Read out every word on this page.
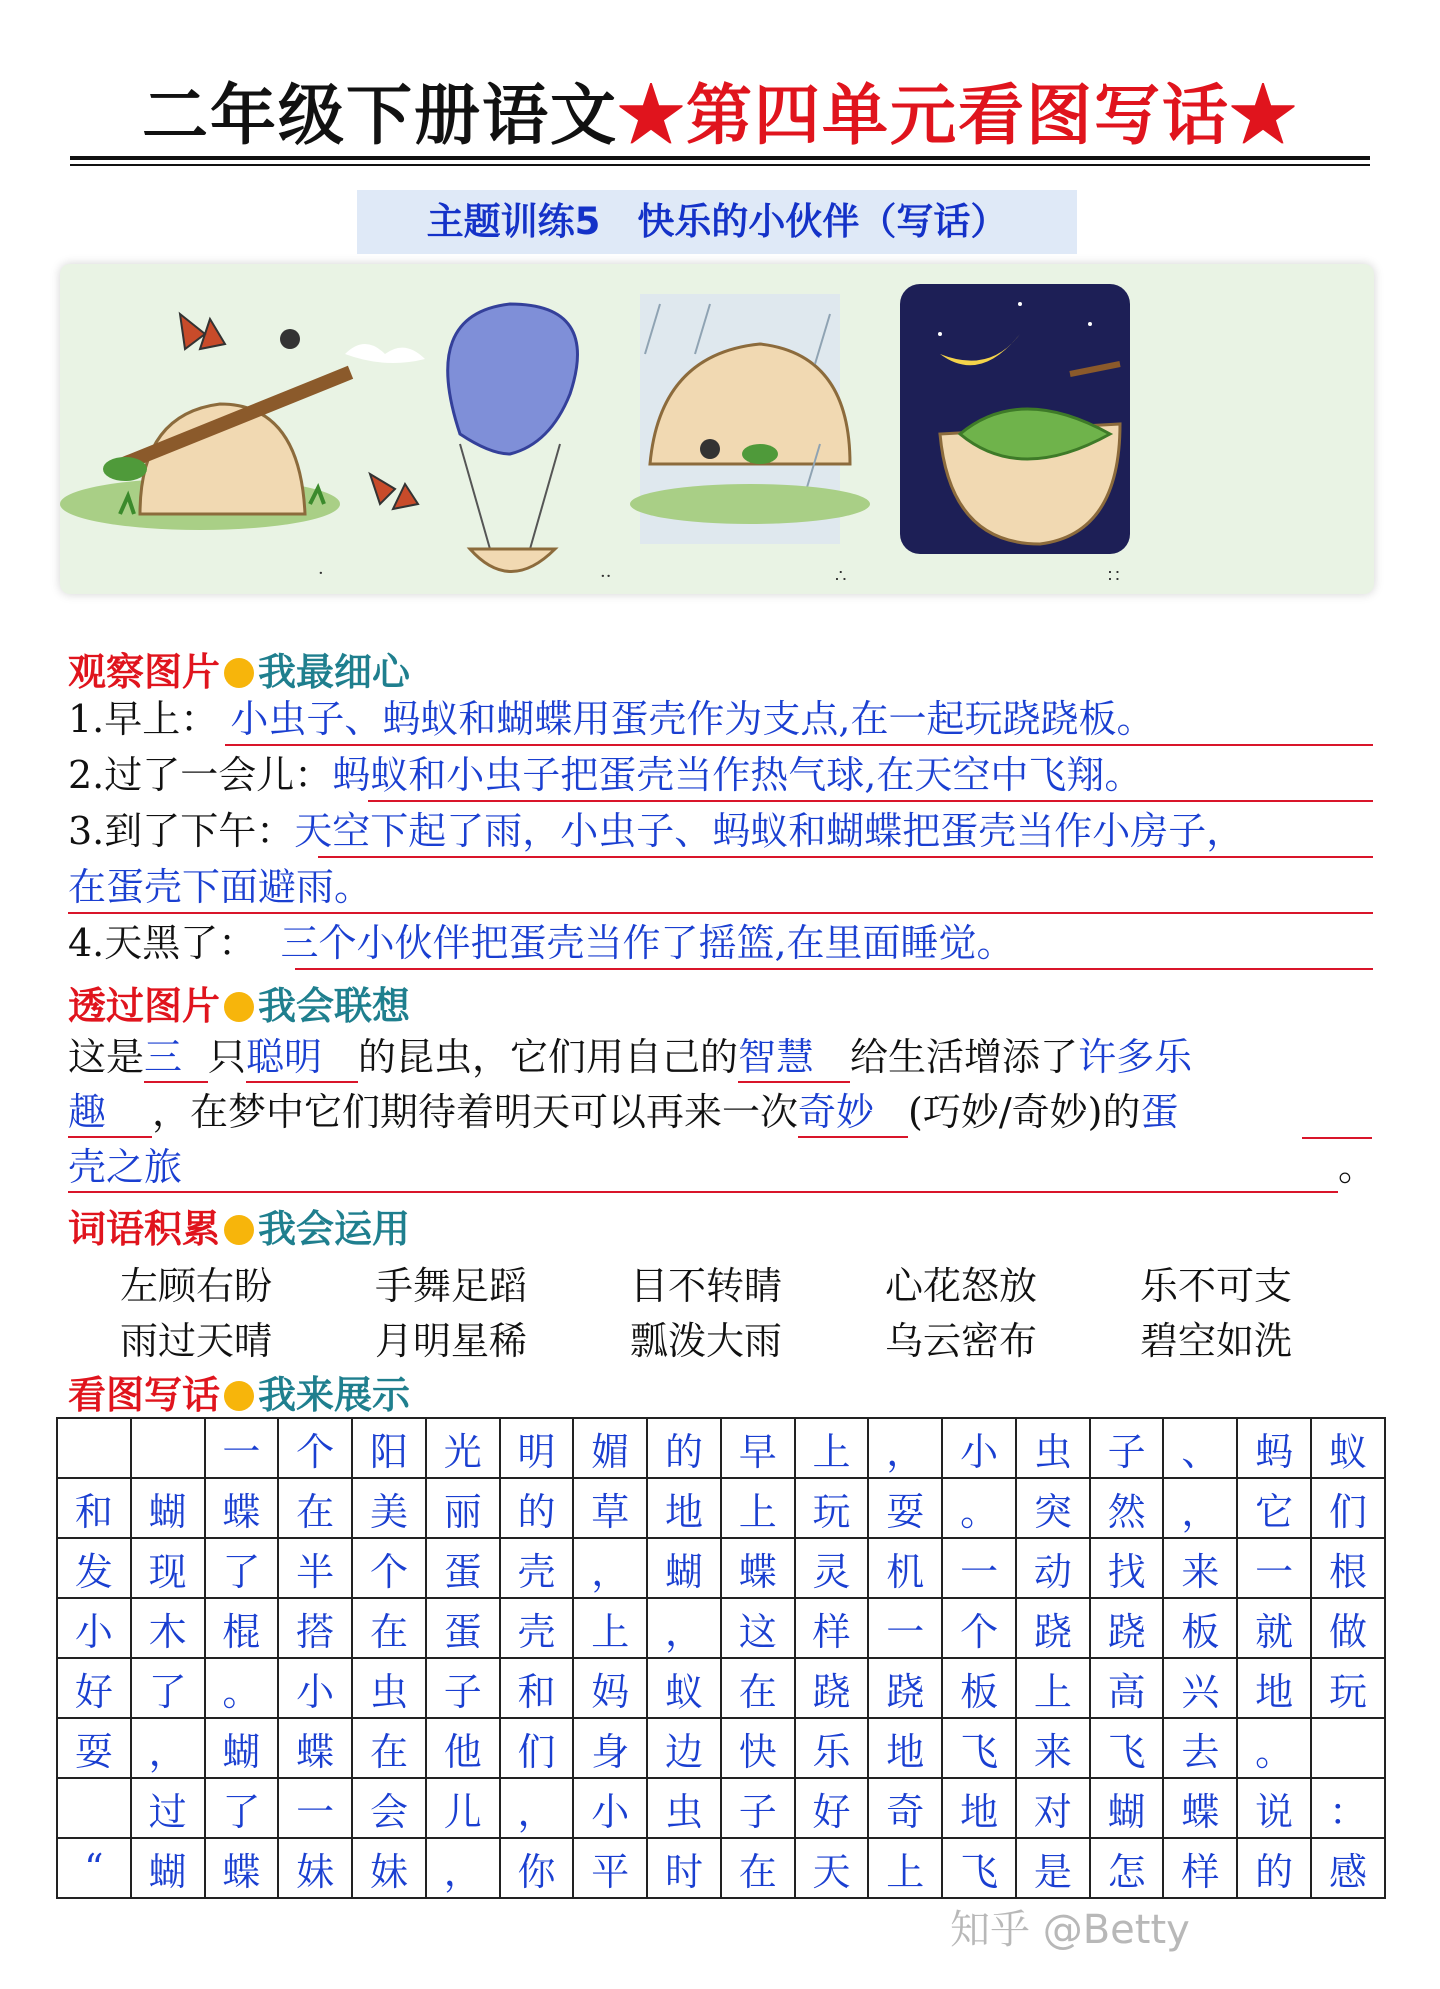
二年级下册语文★第四单元看图写话★
主题训练5　快乐的小伙伴（写话）
·	··	∴	∷
观察图片 我最细心
1.早上： 小虫子、蚂蚁和蝴蝶用蛋壳作为支点,在一起玩跷跷板。
2.过了一会儿：蚂蚁和小虫子把蛋壳当作热气球,在天空中飞翔。
3.到了下午：天空下起了雨，小虫子、蚂蚁和蝴蝶把蛋壳当作小房子，
在蛋壳下面避雨。
4.天黑了： 三个小伙伴把蛋壳当作了摇篮,在里面睡觉。
透过图片 我会联想
这是三 只聪明 的昆虫，它们用自己的智慧 给生活增添了许多乐
趣 ，在梦中它们期待着明天可以再来一次奇妙 (巧妙/奇妙)的蛋
壳之旅	。
词语积累 我会运用
左顾右盼	手舞足蹈	目不转睛	心花怒放	乐不可支
雨过天晴	月明星稀	瓢泼大雨	乌云密布	碧空如洗
看图写话 我来展示
		一	个	阳	光	明	媚	的	早	上	，	小	虫	子	、	蚂	蚁
和	蝴	蝶	在	美	丽	的	草	地	上	玩	耍	。	突	然	，	它	们
发	现	了	半	个	蛋	壳	，	蝴	蝶	灵	机	一	动	找	来	一	根
小	木	棍	搭	在	蛋	壳	上	，	这	样	一	个	跷	跷	板	就	做
好	了	。	小	虫	子	和	妈	蚁	在	跷	跷	板	上	高	兴	地	玩
耍	，	蝴	蝶	在	他	们	身	边	快	乐	地	飞	来	飞	去	。	
	过	了	一	会	儿	，	小	虫	子	好	奇	地	对	蝴	蝶	说	：
“	蝴	蝶	妹	妹	，	你	平	时	在	天	上	飞	是	怎	样	的	感
知乎 @Betty
